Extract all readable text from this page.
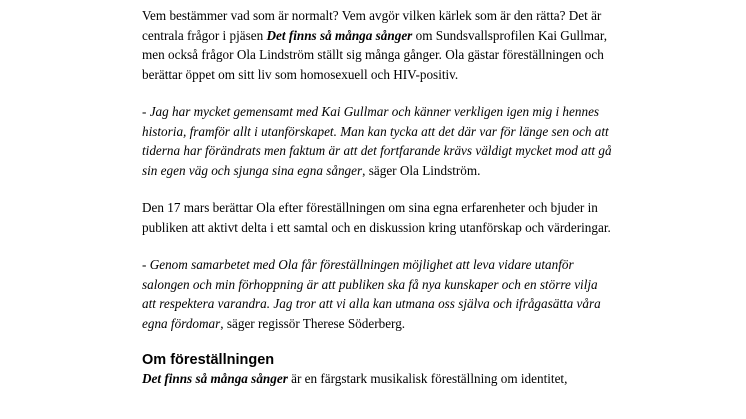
Vem bestämmer vad som är normalt? Vem avgör vilken kärlek som är den rätta? Det är centrala frågor i pjäsen Det finns så många sånger om Sundsvallsprofilen Kai Gullmar, men också frågor Ola Lindström ställt sig många gånger. Ola gästar föreställningen och berättar öppet om sitt liv som homosexuell och HIV-positiv.

- Jag har mycket gemensamt med Kai Gullmar och känner verkligen igen mig i hennes historia, framför allt i utanförskapet. Man kan tycka att det där var för länge sen och att tiderna har förändrats men faktum är att det fortfarande krävs väldigt mycket mod att gå sin egen väg och sjunga sina egna sånger, säger Ola Lindström.

Den 17 mars berättar Ola efter föreställningen om sina egna erfarenheter och bjuder in publiken att aktivt delta i ett samtal och en diskussion kring utanförskap och värderingar.

- Genom samarbetet med Ola får föreställningen möjlighet att leva vidare utanför salongen och min förhoppning är att publiken ska få nya kunskaper och en större vilja att respektera varandra. Jag tror att vi alla kan utmana oss själva och ifrågasätta våra egna fördomar, säger regissör Therese Söderberg.

Om föreställningen

Det finns så många sånger är en färgstark musikalisk föreställning om identitet,
